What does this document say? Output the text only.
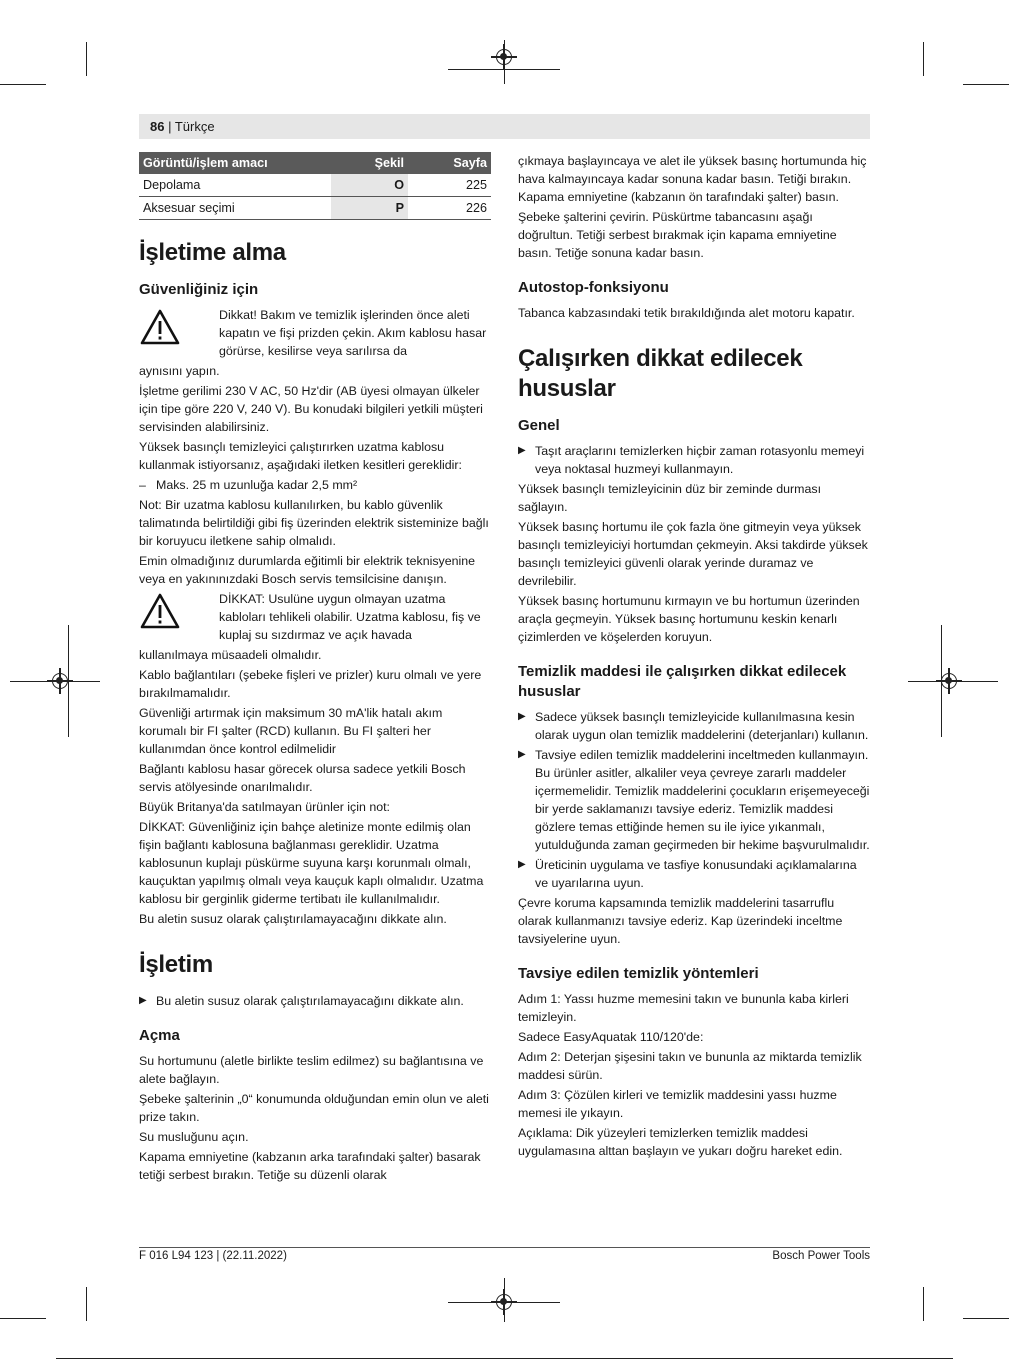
86 | Türkçe
Görüntü/işlem amacı	Şekil	Sayfa
Depolama	O	225
Aksesuar seçimi	P	226
İşletime alma
Güvenliğiniz için

Dikkat! Bakım ve temizlik işlerinden önce aleti kapatın ve fişi prizden çekin. Akım kablosu hasar görürse, kesilirse veya sarılırsa da

aynısını yapın.

İşletme gerilimi 230 V AC, 50 Hz'dir (AB üyesi olmayan ülkeler için tipe göre 220 V, 240 V). Bu konudaki bilgileri yetkili müşteri servisinden alabilirsiniz.

Yüksek basınçlı temizleyici çalıştırırken uzatma kablosu kullanmak istiyorsanız, aşağıdaki iletken kesitleri gereklidir:

– Maks. 25 m uzunluğa kadar 2,5 mm²

Not: Bir uzatma kablosu kullanılırken, bu kablo güvenlik talimatında belirtildiği gibi fiş üzerinden elektrik sisteminize bağlı bir koruyucu iletkene sahip olmalıdı.

Emin olmadığınız durumlarda eğitimli bir elektrik teknisyenine veya en yakınınızdaki Bosch servis temsilcisine danışın.

DİKKAT: Usulüne uygun olmayan uzatma kabloları tehlikeli olabilir. Uzatma kablosu, fiş ve kuplaj su sızdırmaz ve açık havada

kullanılmaya müsaadeli olmalıdır.

Kablo bağlantıları (şebeke fişleri ve prizler) kuru olmalı ve yere bırakılmamalıdır.

Güvenliği artırmak için maksimum 30 mA'lik hatalı akım korumalı bir FI şalter (RCD) kullanın. Bu FI şalteri her kullanımdan önce kontrol edilmelidir

Bağlantı kablosu hasar görecek olursa sadece yetkili Bosch servis atölyesinde onarılmalıdır.

Büyük Britanya'da satılmayan ürünler için not:

DİKKAT: Güvenliğiniz için bahçe aletinize monte edilmiş olan fişin bağlantı kablosuna bağlanması gereklidir. Uzatma kablosunun kuplajı püskürme suyuna karşı korunmalı olmalı, kauçuktan yapılmış olmalı veya kauçuk kaplı olmalıdır. Uzatma kablosu bir gerginlik giderme tertibatı ile kullanılmalıdır.

Bu aletin susuz olarak çalıştırılamayacağını dikkate alın.

İşletim

▶ Bu aletin susuz olarak çalıştırılamayacağını dikkate alın.

Açma

Su hortumunu (aletle birlikte teslim edilmez) su bağlantısına ve alete bağlayın.

Şebeke şalterinin „0“ konumunda olduğundan emin olun ve aleti prize takın.

Su musluğunu açın.

Kapama emniyetine (kabzanın arka tarafındaki şalter) basarak tetiği serbest bırakın. Tetiğe su düzenli olarak

çıkmaya başlayıncaya ve alet ile yüksek basınç hortumunda hiç hava kalmayıncaya kadar sonuna kadar basın. Tetiği bırakın. Kapama emniyetine (kabzanın ön tarafındaki şalter) basın.

Şebeke şalterini çevirin. Püskürtme tabancasını aşağı doğrultun. Tetiği serbest bırakmak için kapama emniyetine basın. Tetiğe sonuna kadar basın.

Autostop-fonksiyonu

Tabanca kabzasındaki tetik bırakıldığında alet motoru kapatır.

Çalışırken dikkat edilecek hususlar
Genel

▶ Taşıt araçlarını temizlerken hiçbir zaman rotasyonlu memeyi veya noktasal huzmeyi kullanmayın.

Yüksek basınçlı temizleyicinin düz bir zeminde durması sağlayın.

Yüksek basınç hortumu ile çok fazla öne gitmeyin veya yüksek basınçlı temizleyiciyi hortumdan çekmeyin. Aksi takdirde yüksek basınçlı temizleyici güvenli olarak yerinde duramaz ve devrilebilir.

Yüksek basınç hortumunu kırmayın ve bu hortumun üzerinden araçla geçmeyin. Yüksek basınç hortumunu keskin kenarlı çizimlerden ve köşelerden koruyun.

Temizlik maddesi ile çalışırken dikkat edilecek hususlar

▶ Sadece yüksek basınçlı temizleyicide kullanılmasına kesin olarak uygun olan temizlik maddelerini (deterjanları) kullanın.

▶ Tavsiye edilen temizlik maddelerini inceltmeden kullanmayın. Bu ürünler asitler, alkaliler veya çevreye zararlı maddeler içermemelidir. Temizlik maddelerini çocukların erişemeyeceği bir yerde saklamanızı tavsiye ederiz. Temizlik maddesi gözlere temas ettiğinde hemen su ile iyice yıkanmalı, yutulduğunda zaman geçirmeden bir hekime başvurulmalıdır.

▶ Üreticinin uygulama ve tasfiye konusundaki açıklamalarına ve uyarılarına uyun.

Çevre koruma kapsamında temizlik maddelerini tasarruflu olarak kullanmanızı tavsiye ederiz. Kap üzerindeki inceltme tavsiyelerine uyun.

Tavsiye edilen temizlik yöntemleri

Adım 1: Yassı huzme memesini takın ve bununla kaba kirleri temizleyin.

Sadece EasyAquatak 110/120'de:

Adım 2: Deterjan şişesini takın ve bununla az miktarda temizlik maddesi sürün.

Adım 3: Çözülen kirleri ve temizlik maddesini yassı huzme memesi ile yıkayın.

Açıklama: Dik yüzeyleri temizlerken temizlik maddesi uygulamasına alttan başlayın ve yukarı doğru hareket edin.

F 016 L94 123 | (22.11.2022)	Bosch Power Tools
